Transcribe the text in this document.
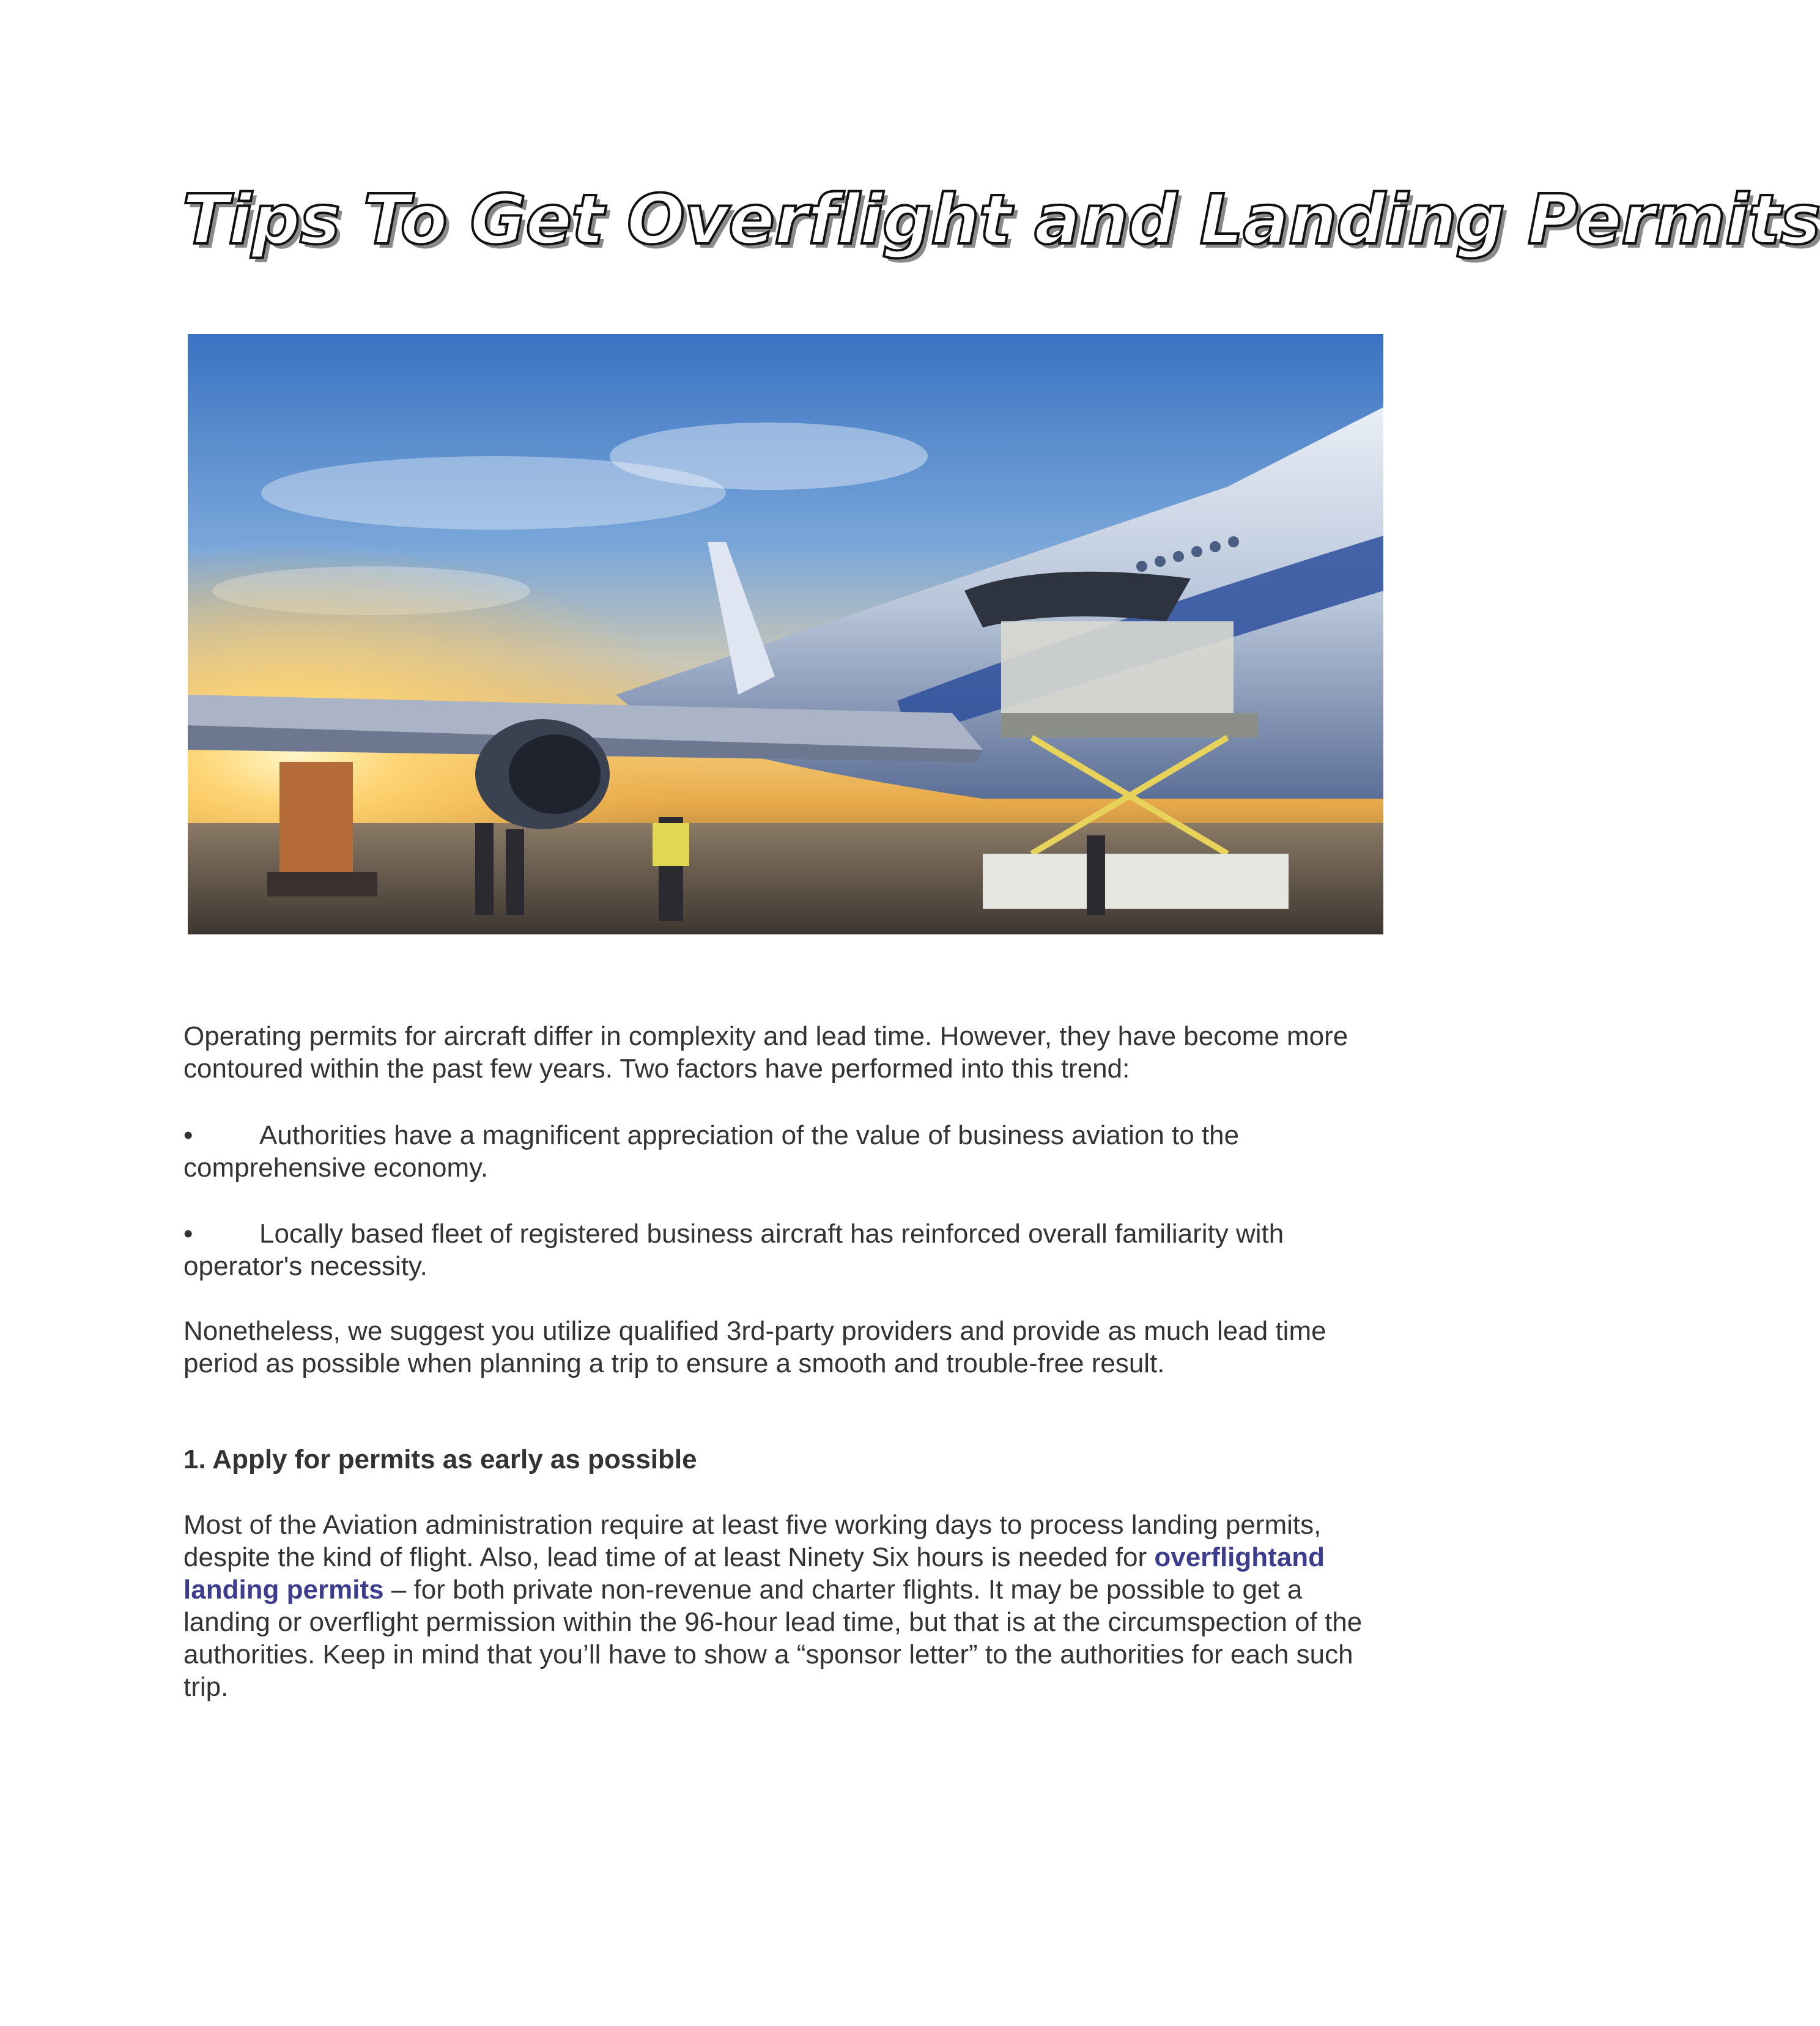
Tips To Get Overflight and Landing Permits

Operating permits for aircraft differ in complexity and lead time. However, they have become more contoured within the past few years. Two factors have performed into this trend:

• Authorities have a magnificent appreciation of the value of business aviation to the comprehensive economy.

• Locally based fleet of registered business aircraft has reinforced overall familiarity with operator's necessity.

Nonetheless, we suggest you utilize qualified 3rd-party providers and provide as much lead time period as possible when planning a trip to ensure a smooth and trouble-free result.

1. Apply for permits as early as possible

Most of the Aviation administration require at least five working days to process landing permits, despite the kind of flight. Also, lead time of at least Ninety Six hours is needed for overflightand landing permits – for both private non-revenue and charter flights. It may be possible to get a landing or overflight permission within the 96-hour lead time, but that is at the circumspection of the authorities. Keep in mind that you’ll have to show a “sponsor letter” to the authorities for each such trip.
